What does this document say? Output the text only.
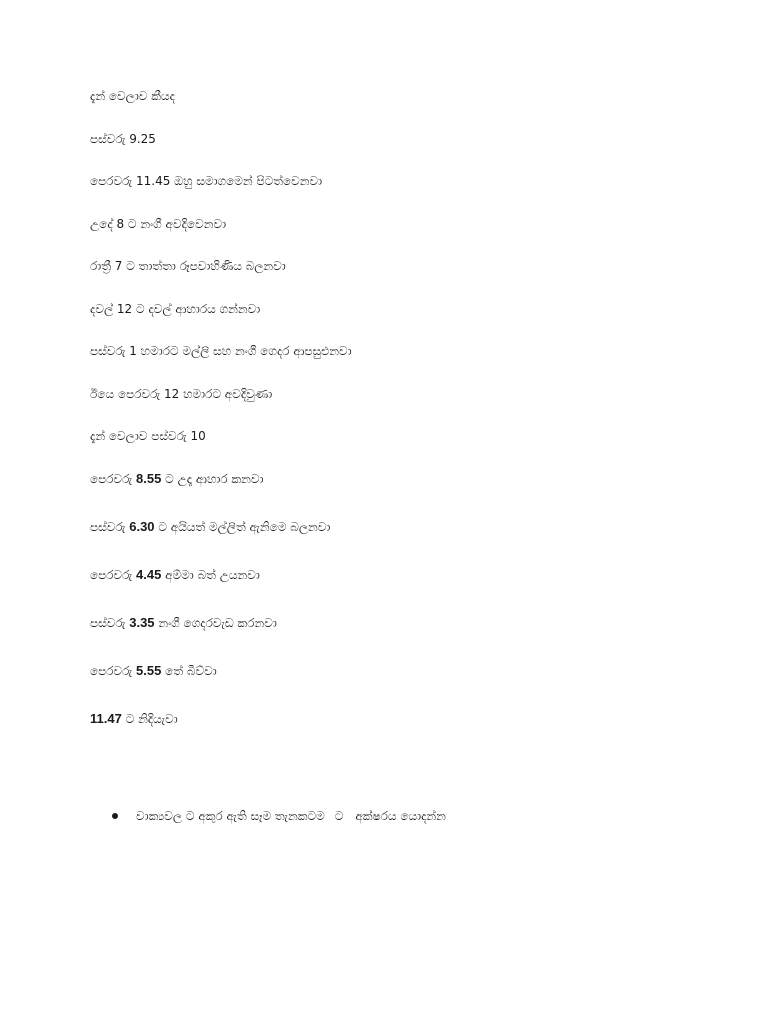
දැන් වෙලාව කීයද
පස්වරු 9.25
පෙරවරු 11.45 ඔහු සමාගමෙන් පිටත්වෙනවා
උදේ 8 ට නංගී අවදිවෙනවා
රාත්‍රී 7 ට තාත්තා රූපවාහිණිය බලනවා
දවල් 12 ට දවල් ආහාරය ගන්නවා
පස්වරු 1 හමාරට මල්ලි සහ නංගී ගෙදර ආපසුඑනවා
ඊයෙ පෙරවරු 12 හමාරට අවදිවුණා
දැන් වෙලාව පස්වරු 10
පෙරවරු 8.55 ට උදෑ ආහාර කනවා
පස්වරු 6.30 ට අයියත් මල්ලිත් ඇනිමෙ බලනවා
පෙරවරු 4.45 අම්මා බත් උයනවා
පස්වරු 3.35 නංගී ගෙදරවැඩ කරනවා
පෙරවරු 5.55 තේ බීව්වා
11.47 ට නිදියැවා
වාක්‍යවල ට අකුර ඇති සෑම තැනකටම ට අක්ෂරය යොදන්න
